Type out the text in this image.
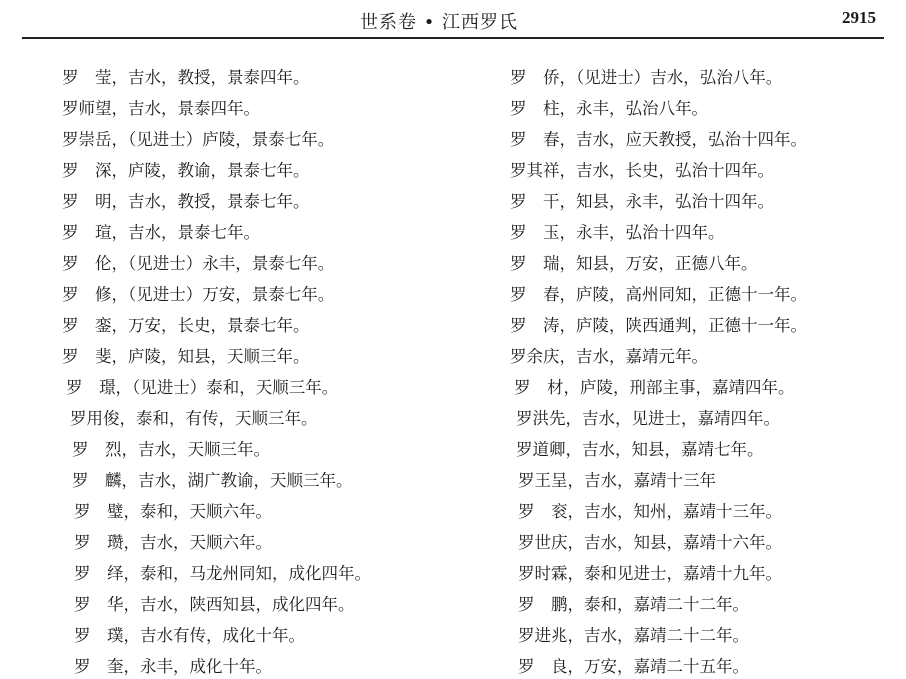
世系卷 • 江西罗氏	2915
罗　莹，吉水，教授，景泰四年。
罗师望，吉水，景泰四年。
罗崇岳，（见进士）庐陵，景泰七年。
罗　深，庐陵，教谕，景泰七年。
罗　明，吉水，教授，景泰七年。
罗　瑄，吉水，景泰七年。
罗　伦，（见进士）永丰，景泰七年。
罗　修，（见进士）万安，景泰七年。
罗　銮，万安，长史，景泰七年。
罗　斐，庐陵，知县，天顺三年。
罗　璟，（见进士）泰和，天顺三年。
罗用俊，泰和，有传，天顺三年。
罗　烈，吉水，天顺三年。
罗　麟，吉水，湖广教谕，天顺三年。
罗　璧，泰和，天顺六年。
罗　瓒，吉水，天顺六年。
罗　绎，泰和，马龙州同知，成化四年。
罗　华，吉水，陕西知县，成化四年。
罗　璞，吉水有传，成化十年。
罗　奎，永丰，成化十年。
罗　侨，（见进士）吉水，弘治八年。
罗　柱，永丰，弘治八年。
罗　春，吉水，应天教授，弘治十四年。
罗其祥，吉水，长史，弘治十四年。
罗　干，知县，永丰，弘治十四年。
罗　玉，永丰，弘治十四年。
罗　瑞，知县，万安，正德八年。
罗　春，庐陵，高州同知，正德十一年。
罗　涛，庐陵，陕西通判，正德十一年。
罗余庆，吉水，嘉靖元年。
罗　材，庐陵，刑部主事，嘉靖四年。
罗洪先，吉水，见进士，嘉靖四年。
罗道卿，吉水，知县，嘉靖七年。
罗王呈，吉水，嘉靖十三年
罗　衮，吉水，知州，嘉靖十三年。
罗世庆，吉水，知县，嘉靖十六年。
罗时霖，泰和见进士，嘉靖十九年。
罗　鹏，泰和，嘉靖二十二年。
罗进兆，吉水，嘉靖二十二年。
罗　良，万安，嘉靖二十五年。
